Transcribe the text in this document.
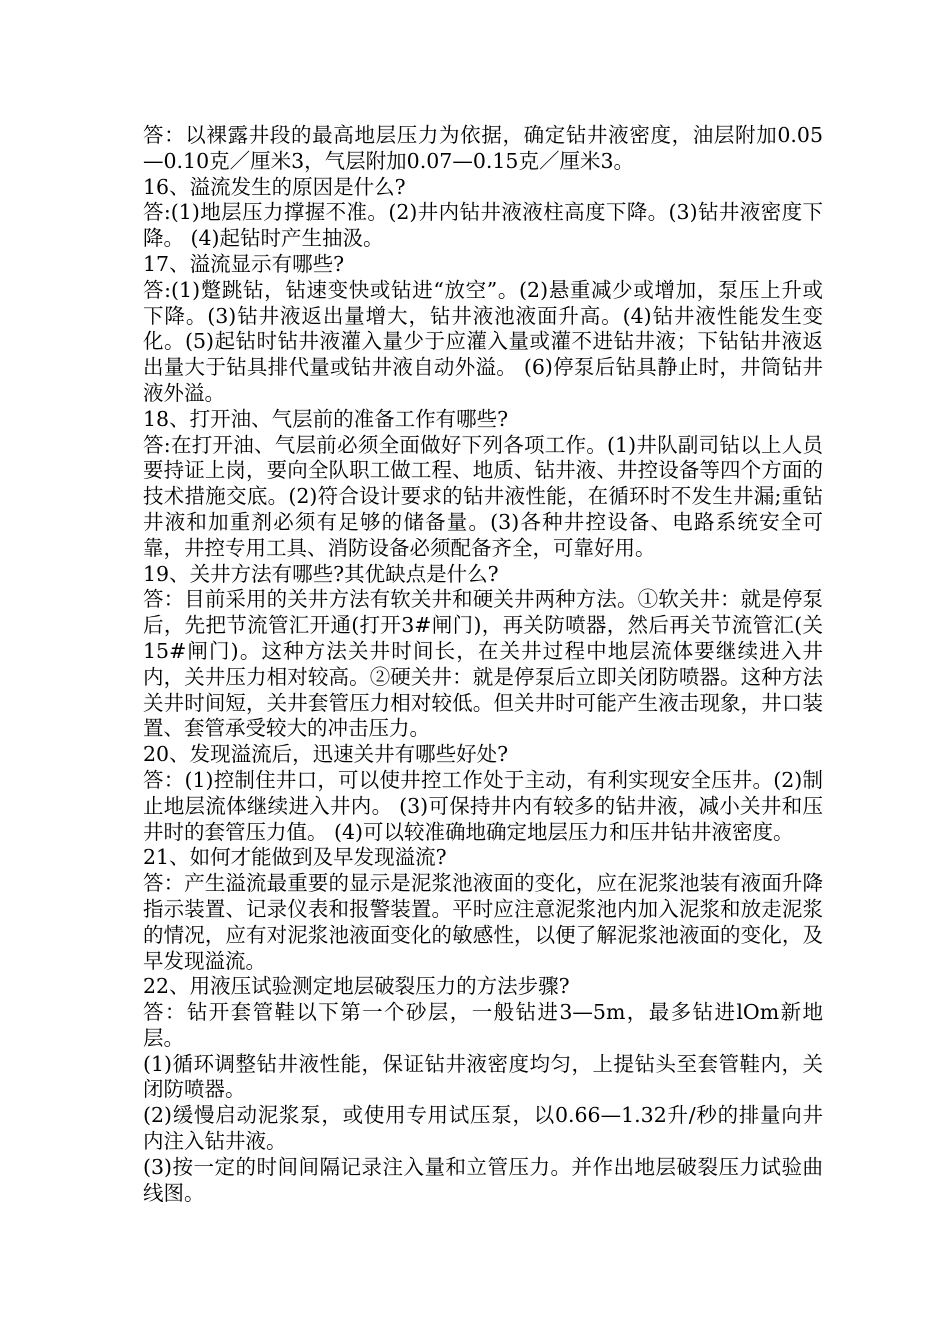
答：以裸露井段的最高地层压力为依据，确定钻井液密度，油层附加0.05—0.10克／厘米3，气层附加0.07—0.15克／厘米3。

16、溢流发生的原因是什么?

答:(1)地层压力撑握不准。(2)井内钻井液液柱高度下降。(3)钻井液密度下降。 (4)起钻时产生抽汲。

17、溢流显示有哪些?

答:(1)蹩跳钻，钻速变快或钻进“放空”。(2)悬重减少或增加，泵压上升或下降。(3)钻井液返出量增大，钻井液池液面升高。(4)钻井液性能发生变化。(5)起钻时钻井液灌入量少于应灌入量或灌不进钻井液；下钻钻井液返出量大于钻具排代量或钻井液自动外溢。 (6)停泵后钻具静止时，井筒钻井液外溢。

18、打开油、气层前的准备工作有哪些?

答:在打开油、气层前必须全面做好下列各项工作。(1)井队副司钻以上人员要持证上岗，要向全队职工做工程、地质、钻井液、井控设备等四个方面的技术措施交底。(2)符合设计要求的钻井液性能，在循环时不发生井漏;重钻井液和加重剂必须有足够的储备量。(3)各种井控设备、电路系统安全可靠，井控专用工具、消防设备必须配备齐全，可靠好用。

19、关井方法有哪些?其优缺点是什么?

答：目前采用的关井方法有软关井和硬关井两种方法。①软关井：就是停泵后，先把节流管汇开通(打开3#闸门)，再关防喷器，然后再关节流管汇(关15#闸门)。这种方法关井时间长，在关井过程中地层流体要继续进入井内，关井压力相对较高。②硬关井：就是停泵后立即关闭防喷器。这种方法关井时间短，关井套管压力相对较低。但关井时可能产生液击现象，井口装置、套管承受较大的冲击压力。

20、发现溢流后，迅速关井有哪些好处?

答：(1)控制住井口，可以使井控工作处于主动，有利实现安全压井。(2)制止地层流体继续进入井内。 (3)可保持井内有较多的钻井液，减小关井和压井时的套管压力值。 (4)可以较准确地确定地层压力和压井钻井液密度。

21、如何才能做到及早发现溢流?

答：产生溢流最重要的显示是泥浆池液面的变化，应在泥浆池装有液面升降指示装置、记录仪表和报警装置。平时应注意泥浆池内加入泥浆和放走泥浆的情况，应有对泥浆池液面变化的敏感性，以便了解泥浆池液面的变化，及早发现溢流。

22、用液压试验测定地层破裂压力的方法步骤?

答：钻开套管鞋以下第一个砂层，一般钻进3—5m，最多钻进lOm新地层。

(1)循环调整钻井液性能，保证钻井液密度均匀，上提钻头至套管鞋内，关闭防喷器。

(2)缓慢启动泥浆泵，或使用专用试压泵，以0.66—1.32升/秒的排量向井内注入钻井液。

(3)按一定的时间间隔记录注入量和立管压力。并作出地层破裂压力试验曲线图。
